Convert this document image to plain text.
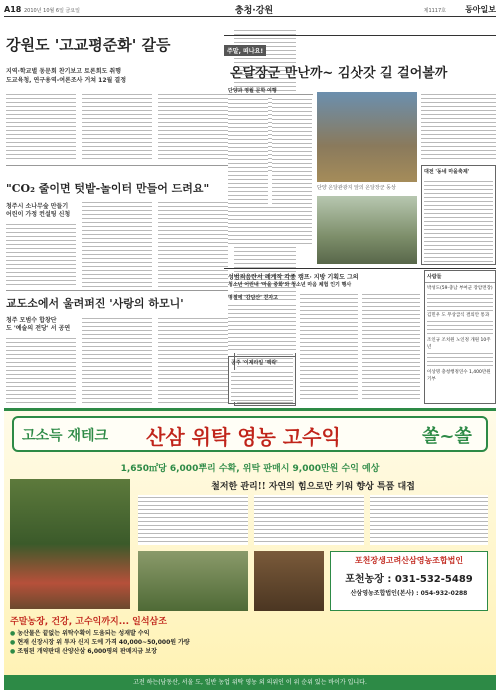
A18 2010년 10월 6일 금요일	충청·강원	제1117호 동아일보
강원도 '고교평준화' 갈등
지역·학교별 동문회 찬기보고 토론회도 취행
도교육청, 연구용역-여론조사 거쳐 12월 결정
"CO₂ 줄이면 텃밭-놀이터 만들어 드려요"
청주시 소나무숲 만들기
어린이 가정 컨설팅 신청
교도소에서 울려퍼진 '사랑의 하모니'
청주 모범수 합창단
도 '예술의 전당' 서 공연
주말, 떠나요!
온달장군 만난까~ 김삿갓 길 걸어볼까
단양과 영월 문학 여행
단양 온달관광지 앞의 온달장군 동상
대전 '동네 마을축제'
성범죄음란서 레게작 각종 캠프· 지방 기획도 그의
청소년 어린내 '마을 중화'와 청소년 마음 체험 인기 행사
명절에 '감담산' 걷자고
공주 '이제라일 '맥락'
사람들
박성도(59·충남 부여군 장암면장)
김민우 도 무상급식 결의안 통과
조인규 조치원 노인정 개원 10주년
이상명 충청행정연수 1,400만원 기부
고소득 재테크 산삼 위탁 영농 고수익	쏠~쏠
1,650㎡당 6,000뿌리 수확, 위탁 판매시 9,000만원 수익 예상
철저한 관리!! 자연의 힘으로만 키워 향상 특품 대접
포천장생고려산삼영농조합법인
포천농장 : 031-532-5489
산삼영농조합법인(본사) : 054-932-0288
주말농장, 건강, 고수익까지... 일석삼조
● 농산물은 끝없는 위탁수확이 도움되는 성재발 수익
● 현재 신장시장 위 투자 신지 도에 가격 40,000~50,000원 가량
● 조림된 개약판대 산양산삼 6,000평의 판매지금 보장
고전 하는(남동산, 서울 도, 일반 농업 위탁 영농 외 의위인 이 위 순위 있는 바이가 입니다.
